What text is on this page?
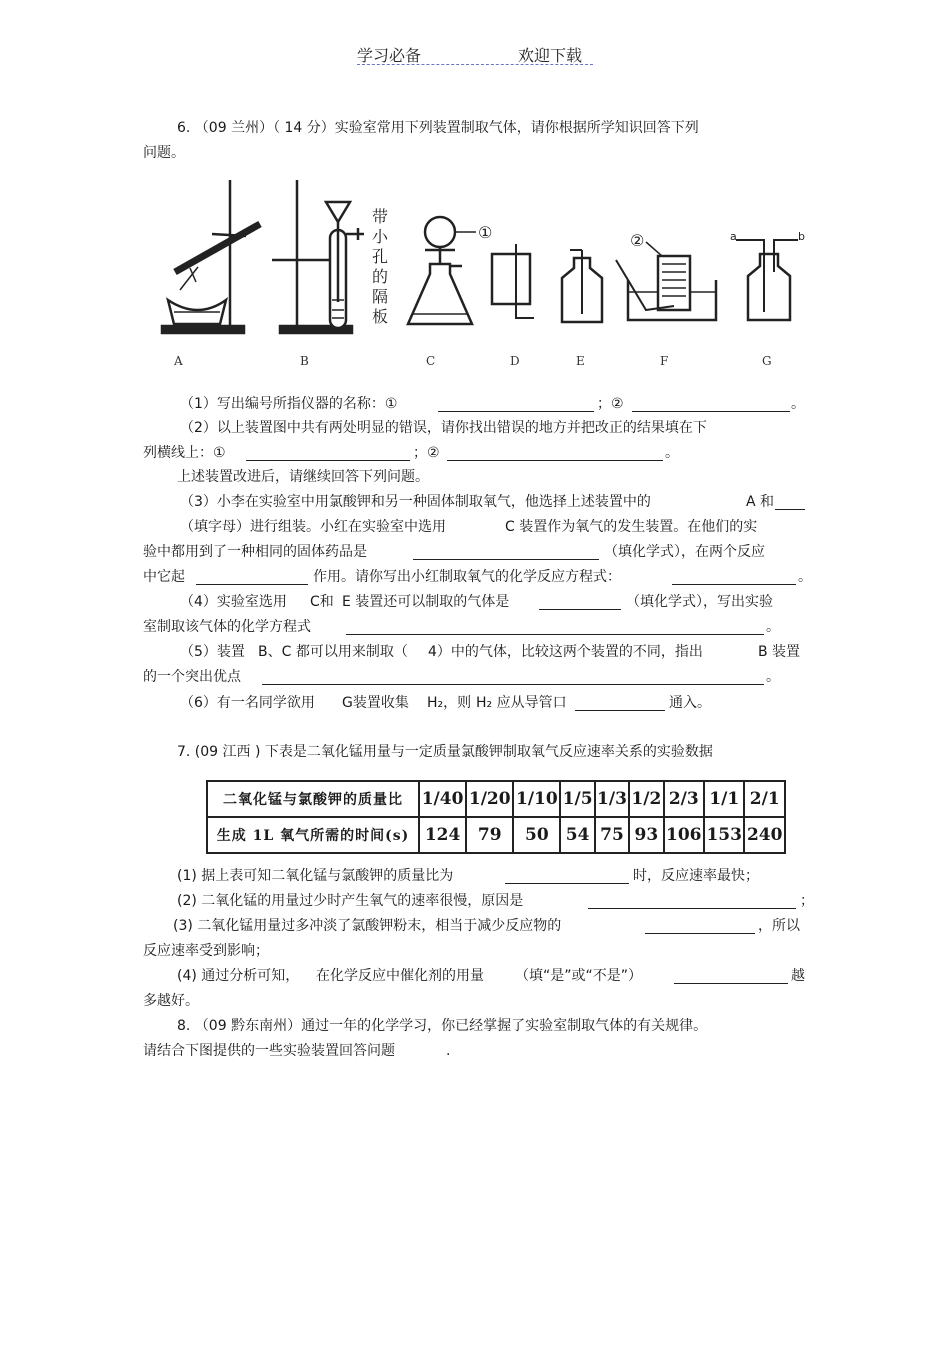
学习必备	欢迎下载
6. （09 兰州）（ 14 分）实验室常用下列装置制取气体，请你根据所学知识回答下列
问题。
带
小
孔
的
隔
板
①	②	a	b
A	B	C	D	E	F	G
（1）写出编号所指仪器的名称：①	；②	。
（2）以上装置图中共有两处明显的错误，请你找出错误的地方并把改正的结果填在下
列横线上：①	；②	。
上述装置改进后，请继续回答下列问题。
（3）小李在实验室中用氯酸钾和另一种固体制取氧气，他选择上述装置中的	A 和
（填字母）进行组装。小红在实验室中选用	C 装置作为氧气的发生装置。在他们的实
验中都用到了一种相同的固体药品是	（填化学式），在两个反应
中它起	作用。请你写出小红制取氧气的化学反应方程式：	。
（4）实验室选用 C和 E 装置还可以制取的气体是	（填化学式），写出实验
室制取该气体的化学方程式	。
（5）装置 B、C 都可以用来制取（ 4）中的气体，比较这两个装置的不同，指出	B 装置
的一个突出优点	。
（6）有一名同学欲用 G装置收集 H₂，则 H₂ 应从导管口	通入。
7. (09 江西 ) 下表是二氧化锰用量与一定质量氯酸钾制取氧气反应速率关系的实验数据
二氧化锰与氯酸钾的质量比	1/40	1/20	1/10	1/5	1/3	1/2	2/3	1/1	2/1
生成 1L 氧气所需的时间(s)	124	79	50	54	75	93	106	153	240
(1) 据上表可知二氧化锰与氯酸钾的质量比为	时，反应速率最快；
(2) 二氧化锰的用量过少时产生氧气的速率很慢，原因是	；
(3) 二氧化锰用量过多冲淡了氯酸钾粉末，相当于减少反应物的	，所以
反应速率受到影响；
(4) 通过分析可知， 在化学反应中催化剂的用量 （填“是”或“不是”）	越
多越好。
8. （09 黔东南州）通过一年的化学学习，你已经掌握了实验室制取气体的有关规律。
请结合下图提供的一些实验装置回答问题	.
